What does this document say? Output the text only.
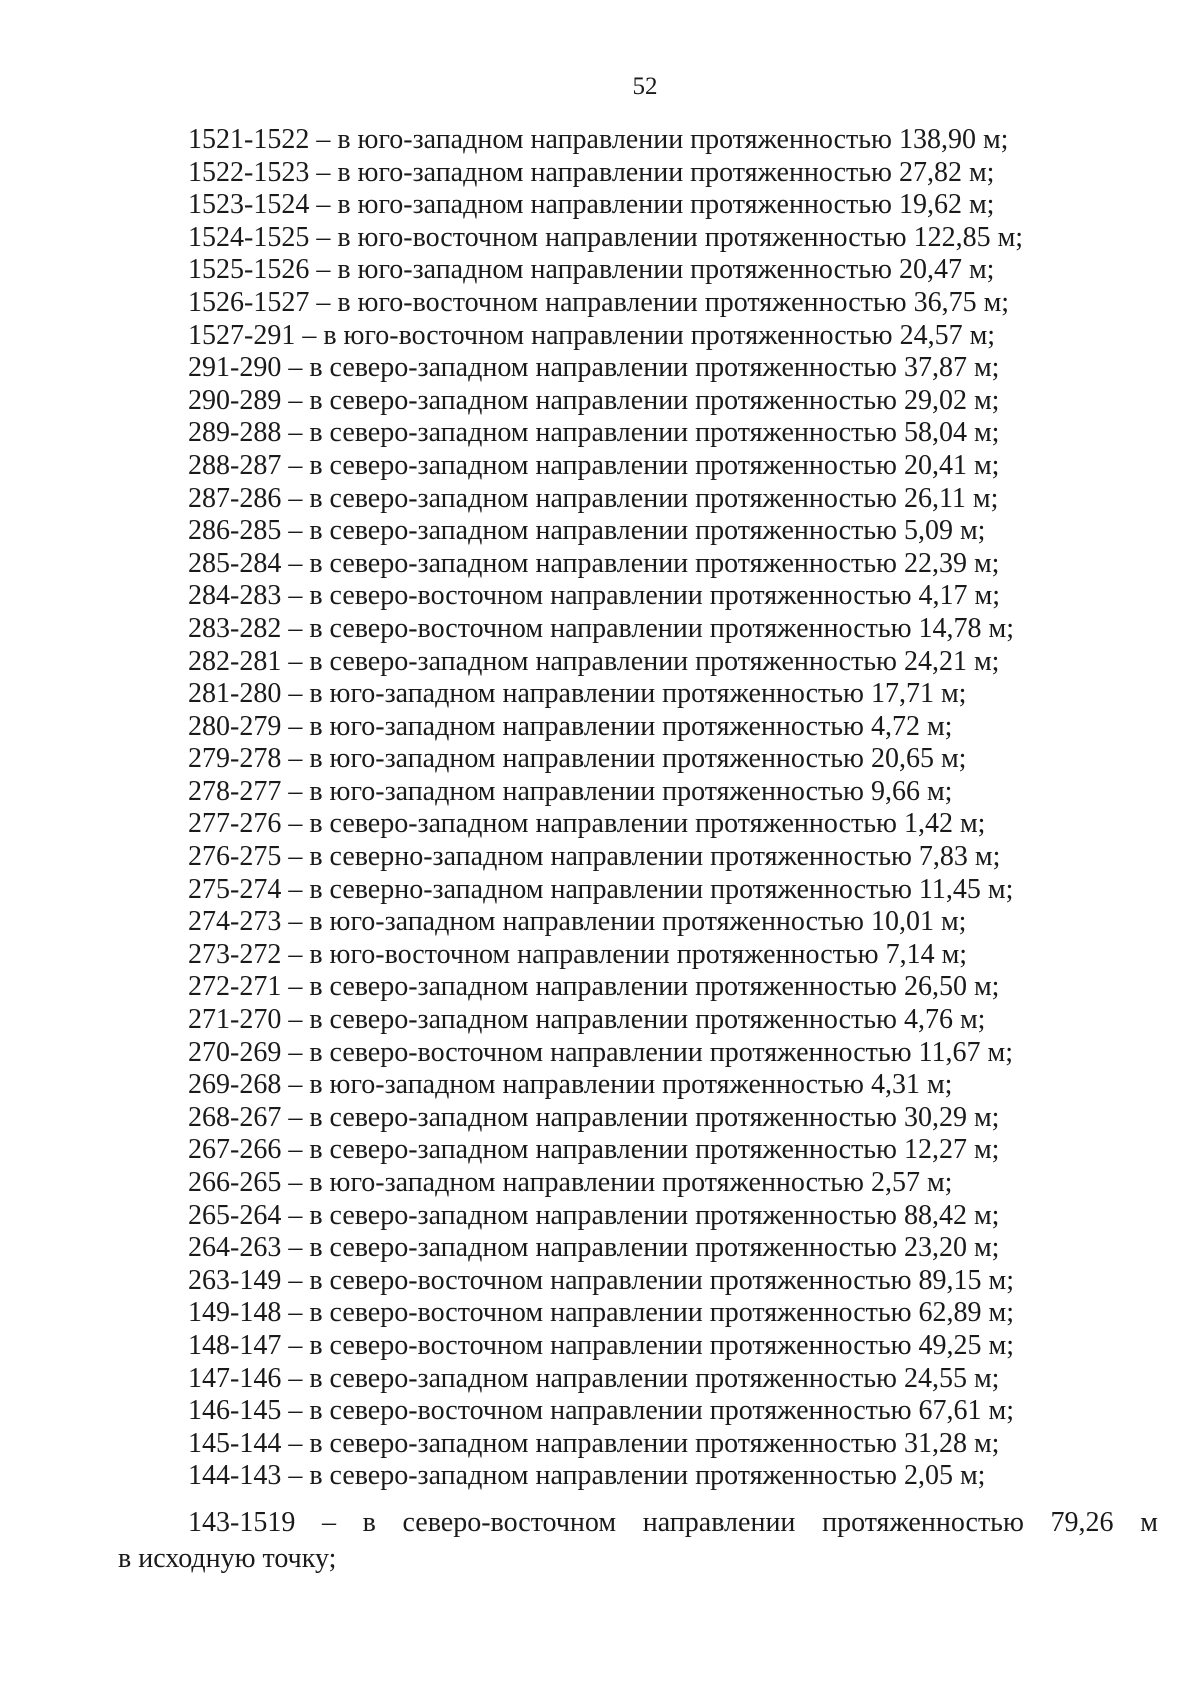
52
1521-1522 – в юго-западном направлении протяженностью 138,90 м;
1522-1523 – в юго-западном направлении протяженностью 27,82 м;
1523-1524 – в юго-западном направлении протяженностью 19,62 м;
1524-1525 – в юго-восточном направлении протяженностью 122,85 м;
1525-1526 – в юго-западном направлении протяженностью 20,47 м;
1526-1527 – в юго-восточном направлении протяженностью 36,75 м;
1527-291 – в юго-восточном направлении протяженностью 24,57 м;
291-290 – в северо-западном направлении протяженностью 37,87 м;
290-289 – в северо-западном направлении протяженностью 29,02 м;
289-288 – в северо-западном направлении протяженностью 58,04 м;
288-287 – в северо-западном направлении протяженностью 20,41 м;
287-286 – в северо-западном направлении протяженностью 26,11 м;
286-285 – в северо-западном направлении протяженностью 5,09 м;
285-284 – в северо-западном направлении протяженностью 22,39 м;
284-283 – в северо-восточном направлении протяженностью 4,17 м;
283-282 – в северо-восточном направлении протяженностью 14,78 м;
282-281 – в северо-западном направлении протяженностью 24,21 м;
281-280 – в юго-западном направлении протяженностью 17,71 м;
280-279 – в юго-западном направлении протяженностью 4,72 м;
279-278 – в юго-западном направлении протяженностью 20,65 м;
278-277 – в юго-западном направлении протяженностью 9,66 м;
277-276 – в северо-западном направлении протяженностью 1,42 м;
276-275 – в северно-западном направлении протяженностью 7,83 м;
275-274 – в северно-западном направлении протяженностью 11,45 м;
274-273 – в юго-западном направлении протяженностью 10,01 м;
273-272 – в юго-восточном направлении протяженностью 7,14 м;
272-271 – в северо-западном направлении протяженностью 26,50 м;
271-270 – в северо-западном направлении протяженностью 4,76 м;
270-269 – в северо-восточном направлении протяженностью 11,67 м;
269-268 – в юго-западном направлении протяженностью 4,31 м;
268-267 – в северо-западном направлении протяженностью 30,29 м;
267-266 – в северо-западном направлении протяженностью 12,27 м;
266-265 – в юго-западном направлении протяженностью 2,57 м;
265-264 – в северо-западном направлении протяженностью 88,42 м;
264-263 – в северо-западном направлении протяженностью 23,20 м;
263-149 – в северо-восточном направлении протяженностью 89,15 м;
149-148 – в северо-восточном направлении протяженностью 62,89 м;
148-147 – в северо-восточном направлении протяженностью 49,25 м;
147-146 – в северо-западном направлении протяженностью 24,55 м;
146-145 – в северо-восточном направлении протяженностью 67,61 м;
145-144 – в северо-западном направлении протяженностью 31,28 м;
144-143 – в северо-западном направлении протяженностью 2,05 м;
143-1519 – в северо-восточном направлении протяженностью 79,26 м
в исходную точку;
